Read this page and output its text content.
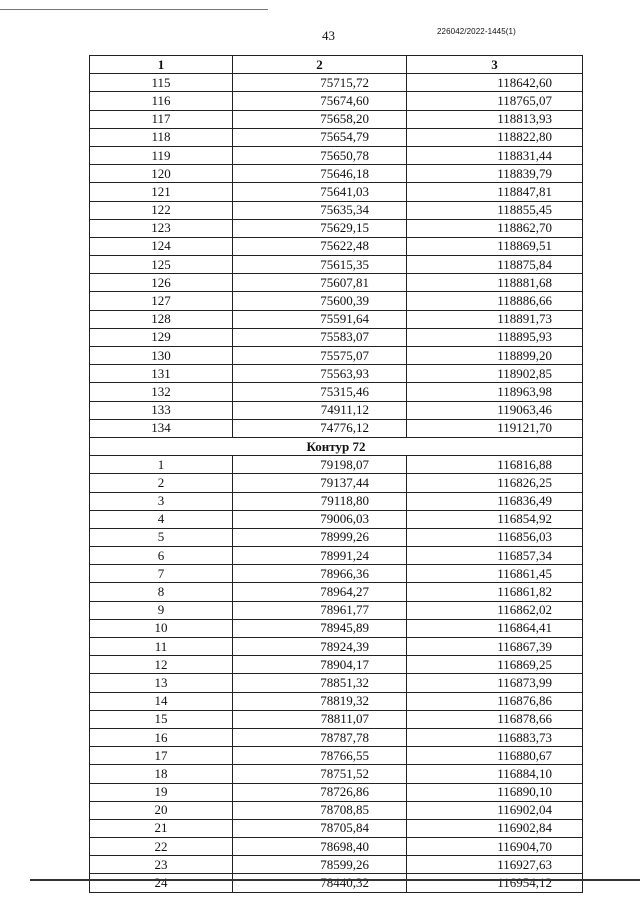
43	226042/2022-1445(1)
1	2	3
115	75715,72	118642,60
116	75674,60	118765,07
117	75658,20	118813,93
118	75654,79	118822,80
119	75650,78	118831,44
120	75646,18	118839,79
121	75641,03	118847,81
122	75635,34	118855,45
123	75629,15	118862,70
124	75622,48	118869,51
125	75615,35	118875,84
126	75607,81	118881,68
127	75600,39	118886,66
128	75591,64	118891,73
129	75583,07	118895,93
130	75575,07	118899,20
131	75563,93	118902,85
132	75315,46	118963,98
133	74911,12	119063,46
134	74776,12	119121,70
Контур 72		
1	79198,07	116816,88
2	79137,44	116826,25
3	79118,80	116836,49
4	79006,03	116854,92
5	78999,26	116856,03
6	78991,24	116857,34
7	78966,36	116861,45
8	78964,27	116861,82
9	78961,77	116862,02
10	78945,89	116864,41
11	78924,39	116867,39
12	78904,17	116869,25
13	78851,32	116873,99
14	78819,32	116876,86
15	78811,07	116878,66
16	78787,78	116883,73
17	78766,55	116880,67
18	78751,52	116884,10
19	78726,86	116890,10
20	78708,85	116902,04
21	78705,84	116902,84
22	78698,40	116904,70
23	78599,26	116927,63
24	78440,32	116954,12
